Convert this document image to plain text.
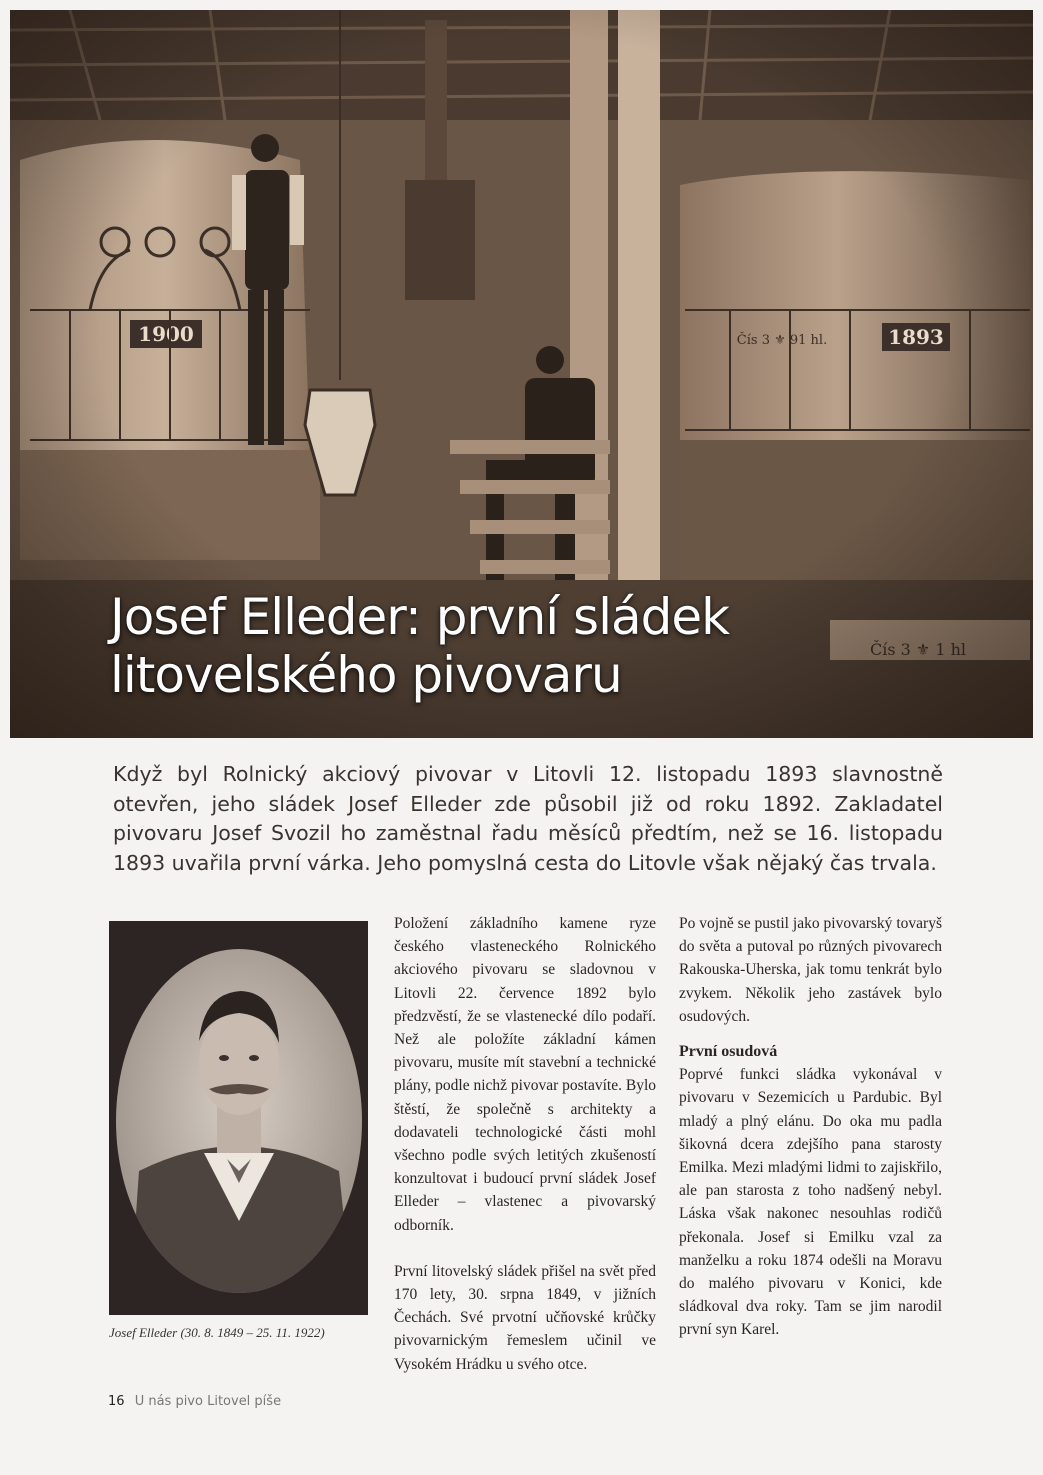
Josef Elleder: první sládek
litovelského pivovaru

Když byl Rolnický akciový pivovar v Litovli 12. listopadu 1893 slavnostně otevřen, jeho sládek Josef Elleder zde působil již od roku 1892. Zakladatel pivovaru Josef Svozil ho zaměstnal řadu měsíců předtím, než se 16. listopadu 1893 uvařila první várka. Jeho pomyslná cesta do Litovle však nějaký čas trvala.

Josef Elleder (30. 8. 1849 – 25. 11. 1922)

Položení základního kamene ryze českého vlasteneckého Rolnického akciového pivovaru se sladovnou v Litovli 22. července 1892 bylo předzvěstí, že se vlastenecké dílo podaří. Než ale položíte základní kámen pivovaru, musíte mít stavební a technické plány, podle nichž pivovar postavíte. Bylo štěstí, že společně s architekty a dodavateli technologické části mohl všechno podle svých letitých zkušeností konzultovat i budoucí první sládek Josef Elleder – vlastenec a pivovarský odborník.

První litovelský sládek přišel na svět před 170 lety, 30. srpna 1849, v jižních Čechách. Své prvotní učňovské krůčky pivovarnickým řemeslem učinil ve Vysokém Hrádku u svého otce.

Po vojně se pustil jako pivovarský tovaryš do světa a putoval po různých pivovarech Rakouska-Uherska, jak tomu tenkrát bylo zvykem. Několik jeho zastávek bylo osudových.

První osudová

Poprvé funkci sládka vykonával v pivovaru v Sezemicích u Pardubic. Byl mladý a plný elánu. Do oka mu padla šikovná dcera zdejšího pana starosty Emilka. Mezi mladými lidmi to zajiskřilo, ale pan starosta z toho nadšený nebyl. Láska však nakonec nesouhlas rodičů překonala. Josef si Emilku vzal za manželku a roku 1874 odešli na Moravu do malého pivovaru v Konici, kde sládkoval dva roky. Tam se jim narodil první syn Karel.

16 U nás pivo Litovel píše
